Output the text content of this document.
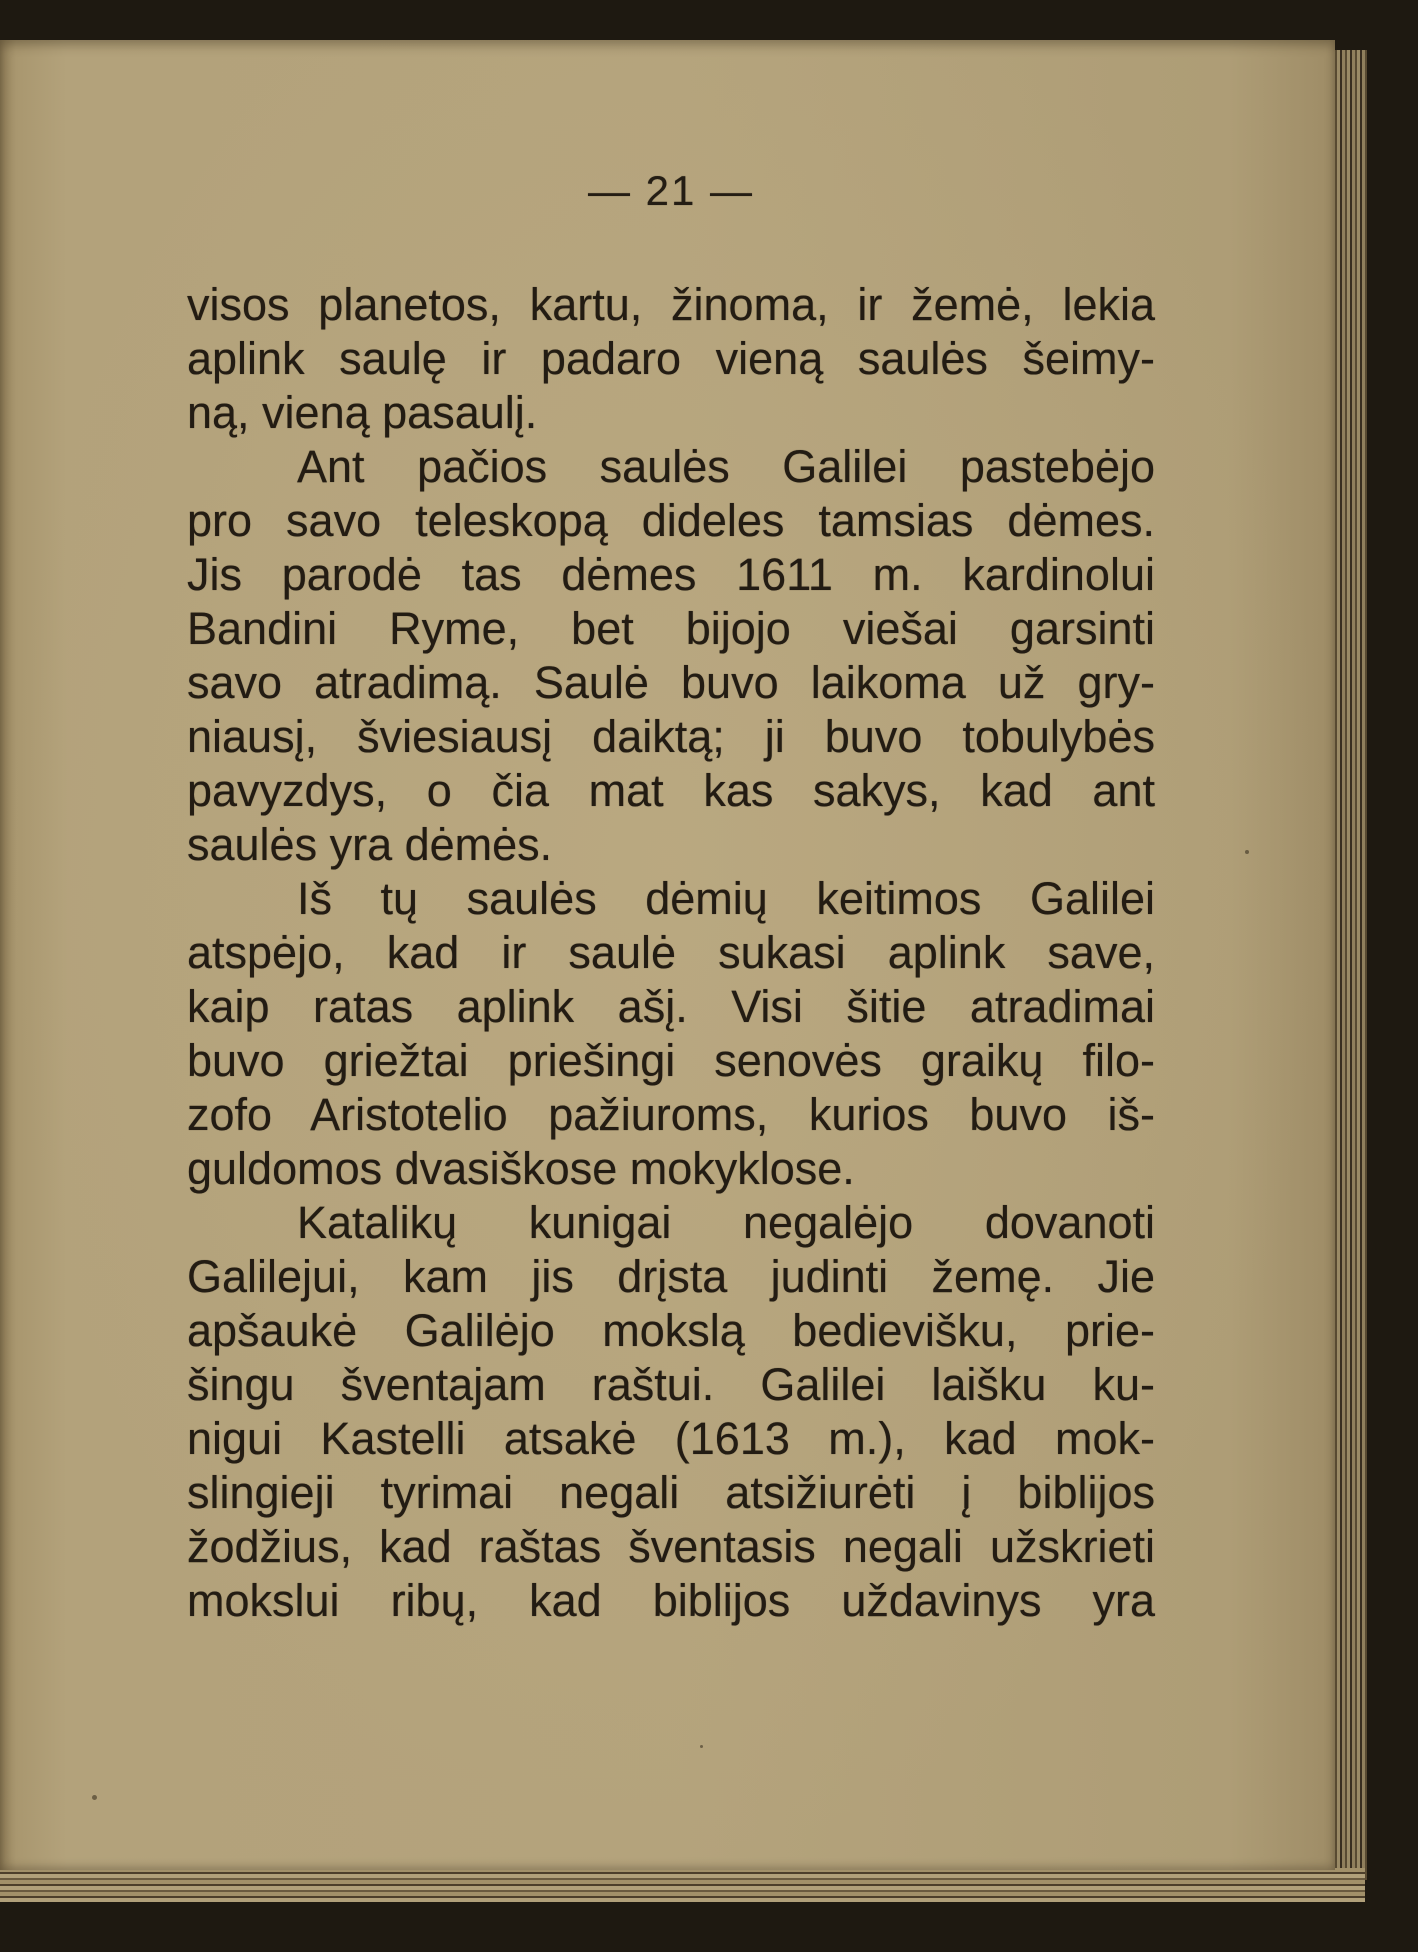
— 21 —
visos planetos, kartu, žinoma, ir žemė, lekia
aplink saulę ir padaro vieną saulės šeimy-
ną, vieną pasaulį.
Ant pačios saulės Galilei pastebėjo
pro savo teleskopą dideles tamsias dėmes.
Jis parodė tas dėmes 1611 m. kardinolui
Bandini Ryme, bet bijojo viešai garsinti
savo atradimą. Saulė buvo laikoma už gry-
niausį, šviesiausį daiktą; ji buvo tobulybės
pavyzdys, o čia mat kas sakys, kad ant
saulės yra dėmės.
Iš tų saulės dėmių keitimos Galilei
atspėjo, kad ir saulė sukasi aplink save,
kaip ratas aplink ašį. Visi šitie atradimai
buvo griežtai priešingi senovės graikų filo-
zofo Aristotelio pažiuroms, kurios buvo iš-
guldomos dvasiškose mokyklose.
Katalikų kunigai negalėjo dovanoti
Galilejui, kam jis drįsta judinti žemę. Jie
apšaukė Galilėjo mokslą bedievišku, prie-
šingu šventajam raštui. Galilei laišku ku-
nigui Kastelli atsakė (1613 m.), kad mok-
slingieji tyrimai negali atsižiurėti į biblijos
žodžius, kad raštas šventasis negali užskrieti
mokslui ribų, kad biblijos uždavinys yra
